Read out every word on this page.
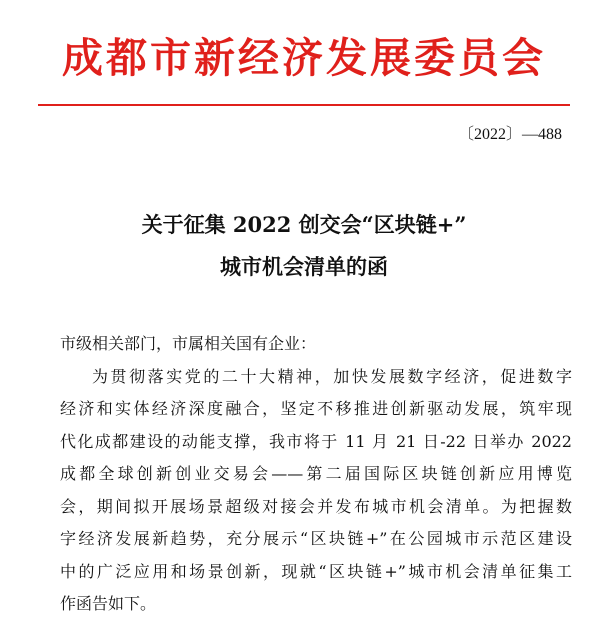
成都市新经济发展委员会
〔2022〕—488
关于征集 2022 创交会“区块链+”
城市机会清单的函
市级相关部门，市属相关国有企业：
为贯彻落实党的二十大精神，加快发展数字经济，促进数字
经济和实体经济深度融合，坚定不移推进创新驱动发展，筑牢现
代化成都建设的动能支撑，我市将于 11 月 21 日-22 日举办 2022
成都全球创新创业交易会——第二届国际区块链创新应用博览
会，期间拟开展场景超级对接会并发布城市机会清单。为把握数
字经济发展新趋势，充分展示“区块链+”在公园城市示范区建设
中的广泛应用和场景创新，现就“区块链+”城市机会清单征集工
作函告如下。
